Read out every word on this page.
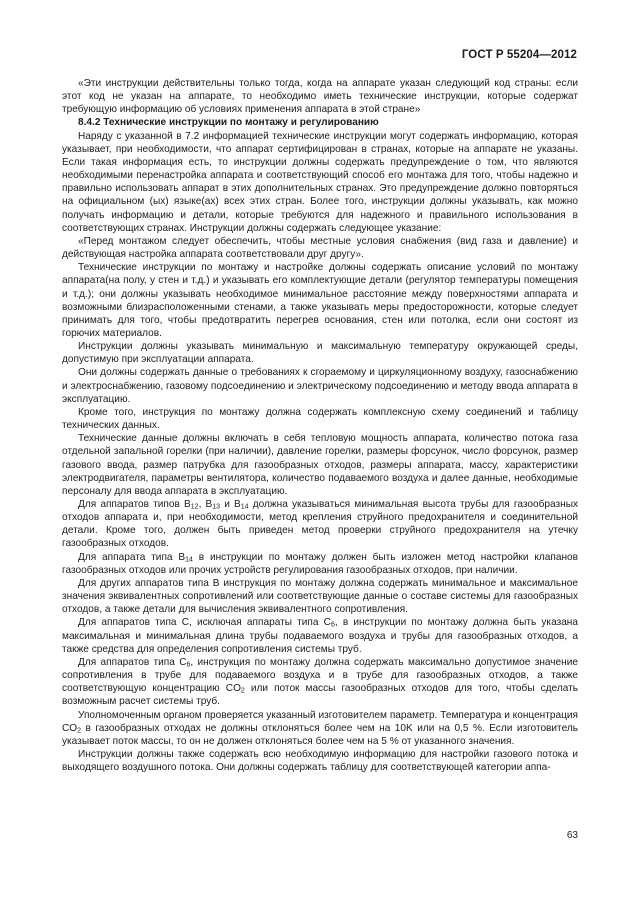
ГОСТ Р 55204—2012

«Эти инструкции действительны только тогда, когда на аппарате указан следующий код страны: если этот код не указан на аппарате, то необходимо иметь технические инструкции, которые содержат требующую информацию об условиях применения аппарата в этой стране»

8.4.2 Технические инструкции по монтажу и регулированию

Наряду с указанной в 7.2 информацией технические инструкции могут содержать информацию, которая указывает, при необходимости, что аппарат сертифицирован в странах, которые на аппарате не указаны. Если такая информация есть, то инструкции должны содержать предупреждение о том, что являются необходимыми перенастройка аппарата и соответствующий способ его монтажа для того, чтобы надежно и правильно использовать аппарат в этих дополнительных странах. Это предупреждение должно повторяться на официальном (ых) языке(ах) всех этих стран. Более того, инструкции должны указывать, как можно получать информацию и детали, которые требуются для надежного и правильного использования в соответствующих странах. Инструкции должны содержать следующее указание:

«Перед монтажом следует обеспечить, чтобы местные условия снабжения (вид газа и давление) и действующая настройка аппарата соответствовали друг другу».

Технические инструкции по монтажу и настройке должны содержать описание условий по монтажу аппарата(на полу, у стен и т.д.) и указывать его комплектующие детали (регулятор температуры помещения и т.д.); они должны указывать необходимое минимальное расстояние между поверхностями аппарата и возможными близрасположенными стенами, а также указывать меры предосторожности, которые следует принимать для того, чтобы предотвратить перегрев основания, стен или потолка, если они состоят из горючих материалов.

Инструкции должны указывать минимальную и максимальную температуру окружающей среды, допустимую при эксплуатации аппарата.

Они должны содержать данные о требованиях к сгораемому и циркуляционному воздуху, газоснабжению и электроснабжению, газовому подсоединению и электрическому подсоединению и методу ввода аппарата в эксплуатацию.

Кроме того, инструкция по монтажу должна содержать комплексную схему соединений и таблицу технических данных.

Технические данные должны включать в себя тепловую мощность аппарата, количество потока газа отдельной запальной горелки (при наличии), давление горелки, размеры форсунок, число форсунок, размер газового ввода, размер патрубка для газообразных отходов, размеры аппарата, массу, характеристики электродвигателя, параметры вентилятора, количество подаваемого воздуха и далее данные, необходимые персоналу для ввода аппарата в эксплуатацию.

Для аппаратов типов $B_{12}$, $B_{13}$ и $B_{14}$ должна указываться минимальная высота трубы для газообразных отходов аппарата и, при необходимости, метод крепления струйного предохранителя и соединительной детали. Кроме того, должен быть приведен метод проверки струйного предохранителя на утечку газообразных отходов.

Для аппарата типа $B_{14}$ в инструкции по монтажу должен быть изложен метод настройки клапанов газообразных отходов или прочих устройств регулирования газообразных отходов, при наличии.

Для других аппаратов типа B инструкция по монтажу должна содержать минимальное и максимальное значения эквивалентных сопротивлений или соответствующие данные о составе системы для газообразных отходов, а также детали для вычисления эквивалентного сопротивления.

Для аппаратов типа C, исключая аппараты типа $C_6$, в инструкции по монтажу должна быть указана максимальная и минимальная длина трубы подаваемого воздуха и трубы для газообразных отходов, а также средства для определения сопротивления системы труб.

Для аппаратов типа $C_6$, инструкция по монтажу должна содержать максимально допустимое значение сопротивления в трубе для подаваемого воздуха и в трубе для газообразных отходов, а также соответствующую концентрацию $CO_2$ или поток массы газообразных отходов для того, чтобы сделать возможным расчет системы труб.

Уполномоченным органом проверяется указанный изготовителем параметр. Температура и концентрация $CO_2$ в газообразных отходах не должны отклоняться более чем на 10K или на 0,5 %. Если изготовитель указывает поток массы, то он не должен отклоняться более чем на 5 % от указанного значения.

Инструкции должны также содержать всю необходимую информацию для настройки газового потока и выходящего воздушного потока. Они должны содержать таблицу для соответствующей категории аппа-

63
